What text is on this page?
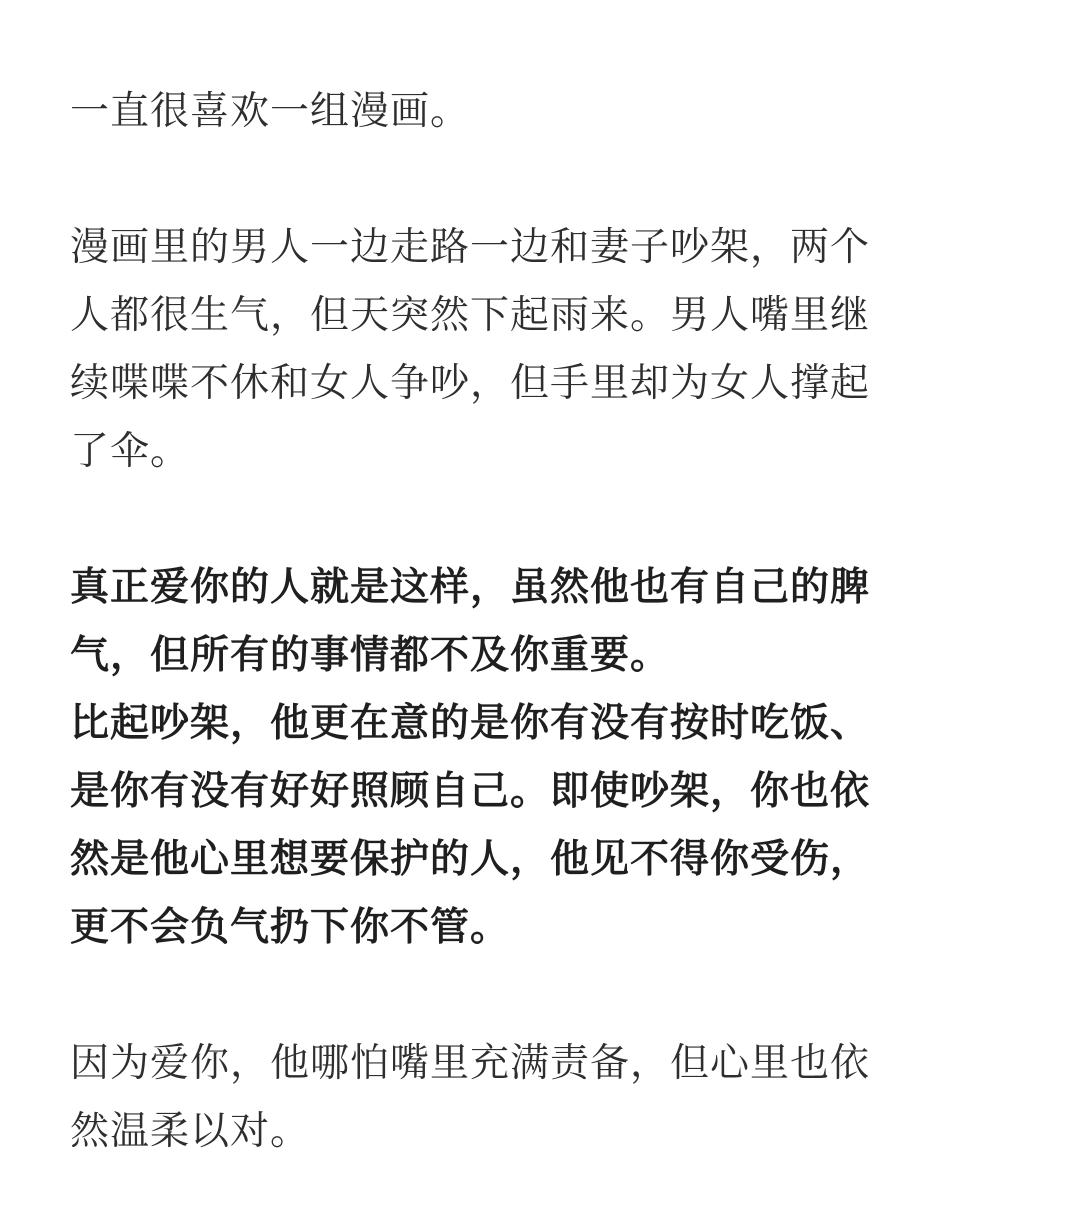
一直很喜欢一组漫画。

漫画里的男人一边走路一边和妻子吵架，两个
人都很生气，但天突然下起雨来。男人嘴里继
续喋喋不休和女人争吵，但手里却为女人撑起
了伞。

真正爱你的人就是这样，虽然他也有自己的脾
气，但所有的事情都不及你重要。

比起吵架，他更在意的是你有没有按时吃饭、
是你有没有好好照顾自己。即使吵架，你也依
然是他心里想要保护的人，他见不得你受伤，
更不会负气扔下你不管。

因为爱你，他哪怕嘴里充满责备，但心里也依
然温柔以对。
